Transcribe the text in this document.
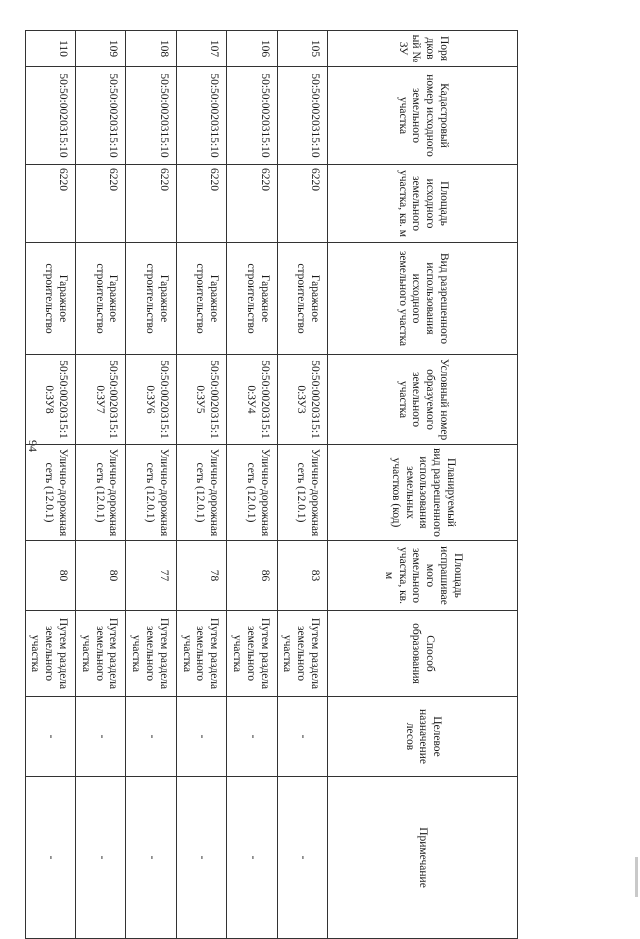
94
Порядковый № ЗУ	Кадастровый номер исходного земельного участка	Площадь исходного земельного участка, кв. м	Вид разрешенного использования исходного земельного участка	Условный номер образуемого земельного участка	Планируемый вид разрешенного использования земельных участков (код)	Площадь испрашиваемого земельного участка, кв. м	Способ образования	Целевое назначение лесов	Примечание
105	50:50:0020315:10	6220	Гаражное строительство	50:50:0020315:10:ЗУ3	Улично-дорожная сеть (12.0.1)	83	Путем раздела земельного участка	-	-
106	50:50:0020315:10	6220	Гаражное строительство	50:50:0020315:10:ЗУ4	Улично-дорожная сеть (12.0.1)	86	Путем раздела земельного участка	-	-
107	50:50:0020315:10	6220	Гаражное строительство	50:50:0020315:10:ЗУ5	Улично-дорожная сеть (12.0.1)	78	Путем раздела земельного участка	-	-
108	50:50:0020315:10	6220	Гаражное строительство	50:50:0020315:10:ЗУ6	Улично-дорожная сеть (12.0.1)	77	Путем раздела земельного участка	-	-
109	50:50:0020315:10	6220	Гаражное строительство	50:50:0020315:10:ЗУ7	Улично-дорожная сеть (12.0.1)	80	Путем раздела земельного участка	-	-
110	50:50:0020315:10	6220	Гаражное строительство	50:50:0020315:10:ЗУ8	Улично-дорожная сеть (12.0.1)	80	Путем раздела земельного участка	-	-
